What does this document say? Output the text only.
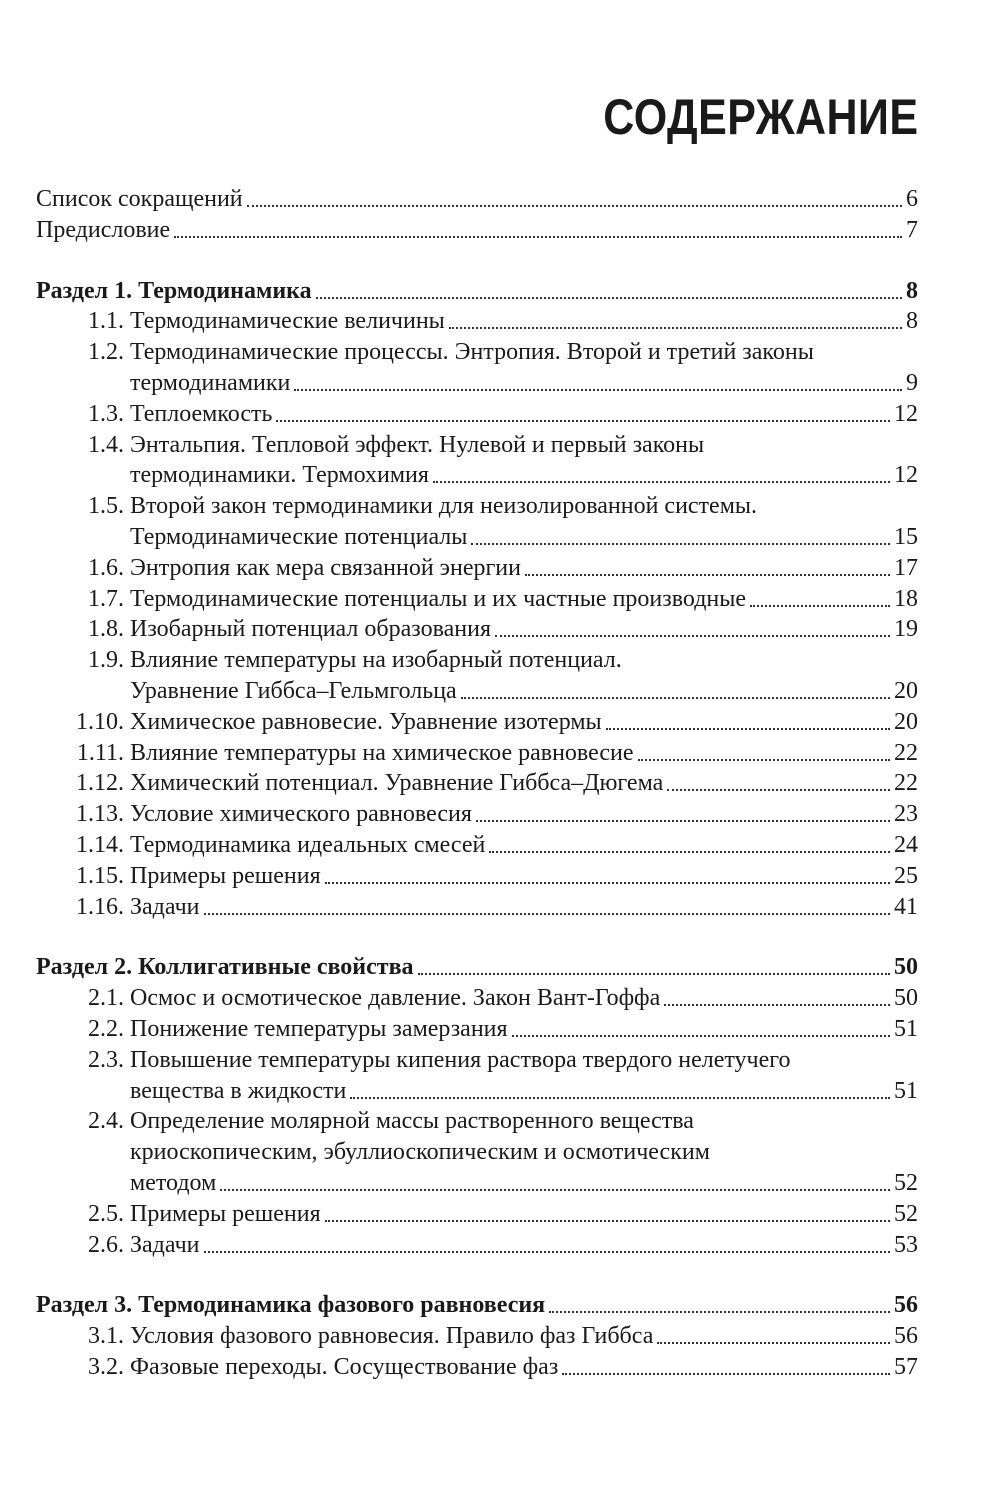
СОДЕРЖАНИЕ
Список сокращений	6
Предисловие	7
Раздел 1. Термодинамика	8
1.1. Термодинамические величины	8
1.2. Термодинамические процессы. Энтропия. Второй и третий законы
термодинамики	9
1.3. Теплоемкость	12
1.4. Энтальпия. Тепловой эффект. Нулевой и первый законы
термодинамики. Термохимия	12
1.5. Второй закон термодинамики для неизолированной системы.
Термодинамические потенциалы	15
1.6. Энтропия как мера связанной энергии	17
1.7. Термодинамические потенциалы и их частные производные	18
1.8. Изобарный потенциал образования	19
1.9. Влияние температуры на изобарный потенциал.
Уравнение Гиббса–Гельмгольца	20
1.10. Химическое равновесие. Уравнение изотермы	20
1.11. Влияние температуры на химическое равновесие	22
1.12. Химический потенциал. Уравнение Гиббса–Дюгема	22
1.13. Условие химического равновесия	23
1.14. Термодинамика идеальных смесей	24
1.15. Примеры решения	25
1.16. Задачи	41
Раздел 2. Коллигативные свойства	50
2.1. Осмос и осмотическое давление. Закон Вант-Гоффа	50
2.2. Понижение температуры замерзания	51
2.3. Повышение температуры кипения раствора твердого нелетучего
вещества в жидкости	51
2.4. Определение молярной массы растворенного вещества
криоскопическим, эбуллиоскопическим и осмотическим
методом	52
2.5. Примеры решения	52
2.6. Задачи	53
Раздел 3. Термодинамика фазового равновесия	56
3.1. Условия фазового равновесия. Правило фаз Гиббса	56
3.2. Фазовые переходы. Сосуществование фаз	57
